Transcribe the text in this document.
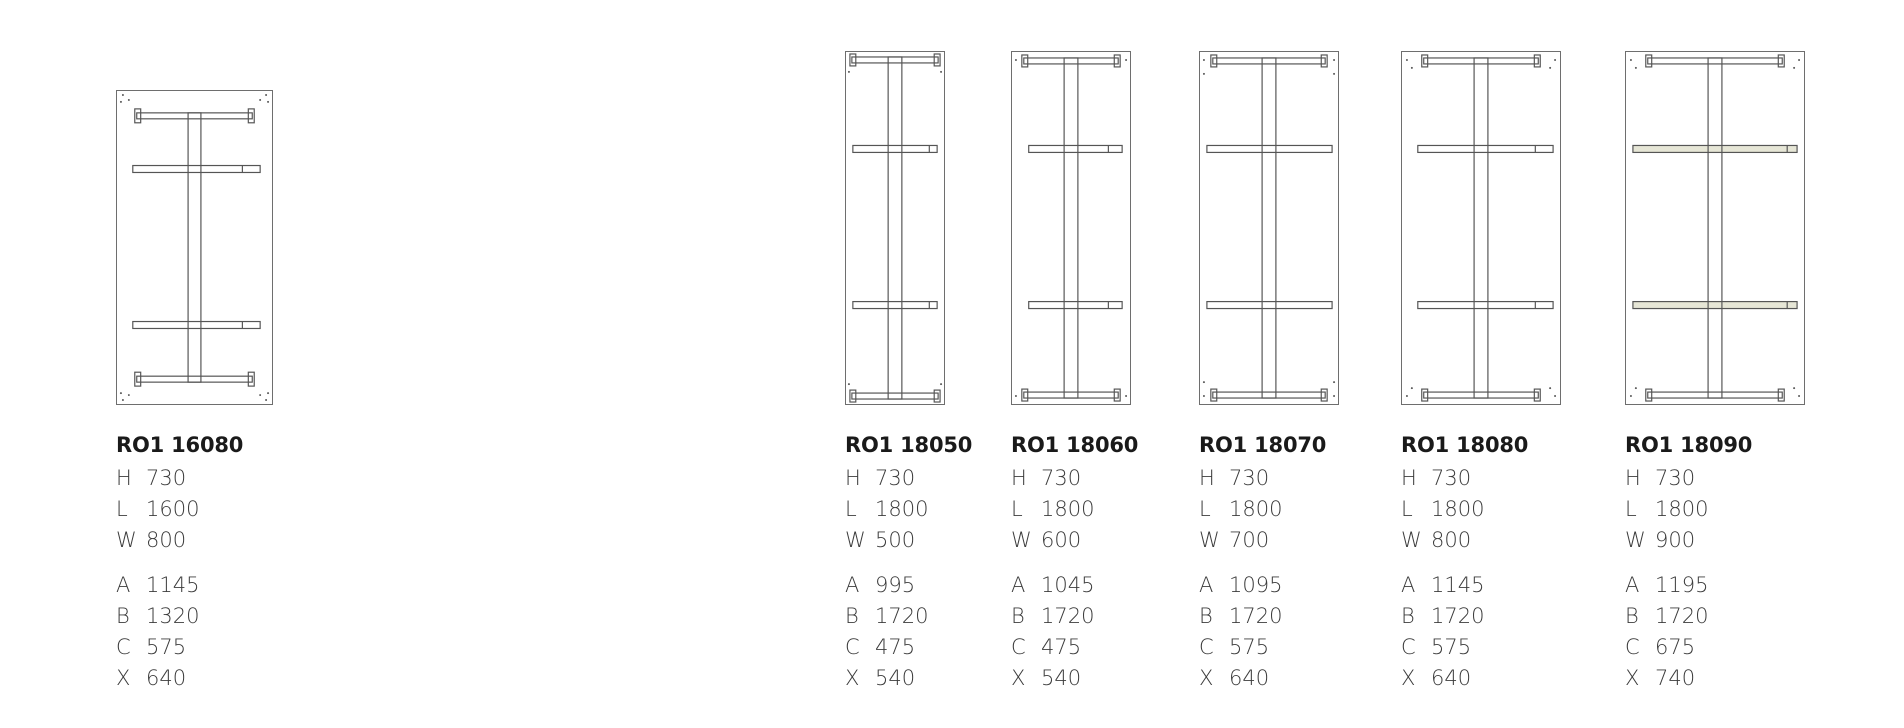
RO1 16080
H 730
L 1600
W 800
A 1145
B 1320
C 575
X 640
RO1 18050
H 730
L 1800
W 500
A 995
B 1720
C 475
X 540
RO1 18060
H 730
L 1800
W 600
A 1045
B 1720
C 475
X 540
RO1 18070
H 730
L 1800
W 700
A 1095
B 1720
C 575
X 640
RO1 18080
H 730
L 1800
W 800
A 1145
B 1720
C 575
X 640
RO1 18090
H 730
L 1800
W 900
A 1195
B 1720
C 675
X 740
